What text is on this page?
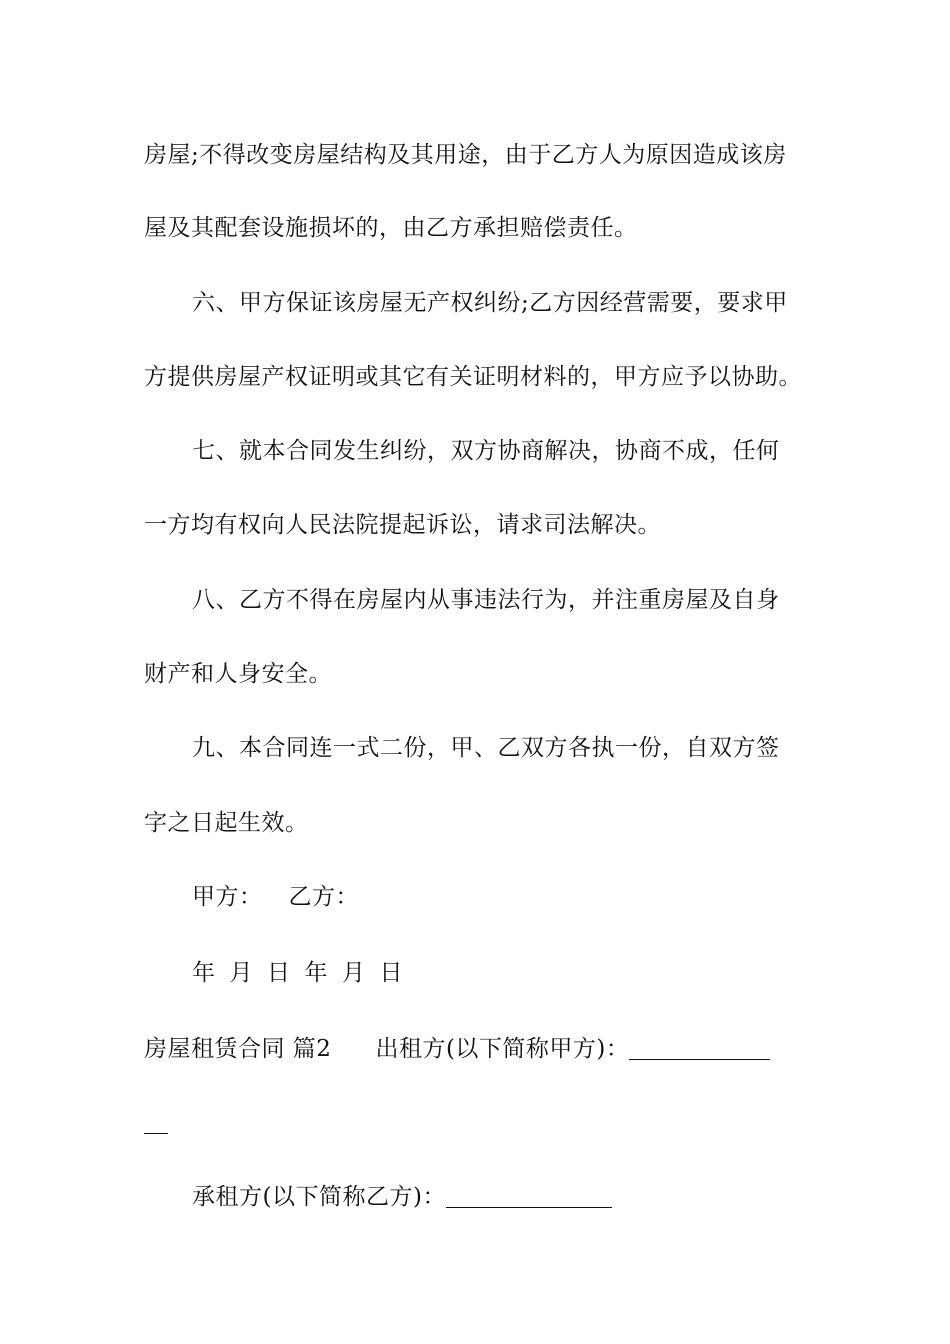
房屋;不得改变房屋结构及其用途，由于乙方人为原因造成该房
屋及其配套设施损坏的，由乙方承担赔偿责任。
六、甲方保证该房屋无产权纠纷;乙方因经营需要，要求甲
方提供房屋产权证明或其它有关证明材料的，甲方应予以协助。
七、就本合同发生纠纷，双方协商解决，协商不成，任何
一方均有权向人民法院提起诉讼，请求司法解决。
八、乙方不得在房屋内从事违法行为，并注重房屋及自身
财产和人身安全。
九、本合同连一式二份，甲、乙双方各执一份，自双方签
字之日起生效。
甲方： 乙方：
年 月 日 年 月 日
房屋租赁合同 篇2 出租方(以下简称甲方)：
承租方(以下简称乙方)：
